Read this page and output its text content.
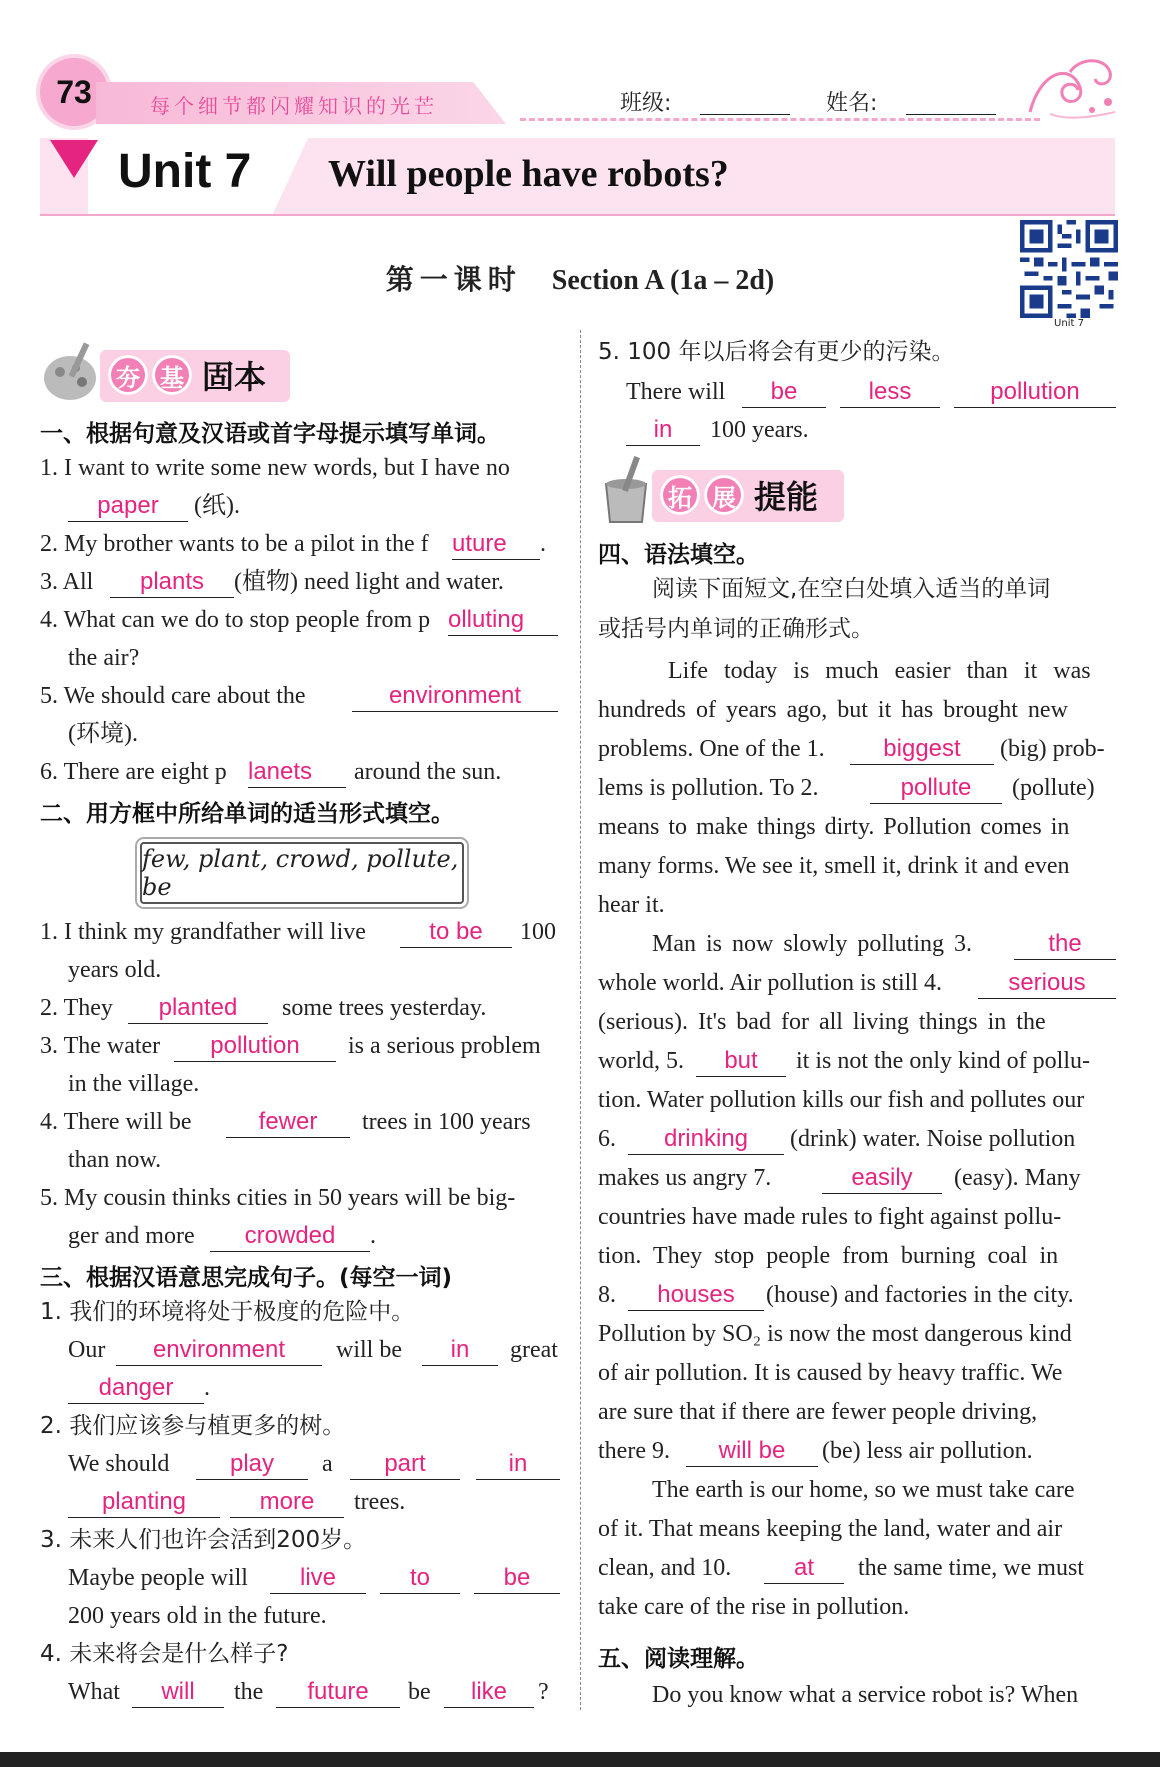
73	每个细节都闪耀知识的光芒	班级:	姓名:
Unit 7 Will people have robots?
第一课时 Section A (1a – 2d)
Unit 7
夯 基 固本
一、根据句意及汉语或首字母提示填写单词。
1. I want to write some new words, but I have no
paper	(纸).
2. My brother wants to be a pilot in the f uture	.
3. All	plants	(植物) need light and water.
4. What can we do to stop people from p olluting
the air?
5. We should care about the	environment
(环境).
6. There are eight p lanets	around the sun.
二、用方框中所给单词的适当形式填空。
few, plant, crowd, pollute, be
1. I think my grandfather will live	to be	100
years old.
2. They	planted	some trees yesterday.
3. The water	pollution	is a serious problem
in the village.
4. There will be	fewer	trees in 100 years
than now.
5. My cousin thinks cities in 50 years will be big-
ger and more	crowded	.
三、根据汉语意思完成句子。(每空一词)
1. 我们的环境将处于极度的危险中。
Our	environment	will be	in	great
danger	.
2. 我们应该参与植更多的树。
We should	play	a	part	in
planting	more	trees.
3. 未来人们也许会活到200岁。
Maybe people will	live	to	be
200 years old in the future.
4. 未来将会是什么样子?
What	will	the	future	be	like	?
5. 100 年以后将会有更少的污染。
There will	be	less	pollution
in	100 years.
拓 展 提能
四、语法填空。
阅读下面短文,在空白处填入适当的单词
或括号内单词的正确形式。
Life today is much easier than it was
hundreds of years ago, but it has brought new
problems. One of the 1.	biggest	(big) prob-
lems is pollution. To 2.	pollute	(pollute)
means to make things dirty. Pollution comes in
many forms. We see it, smell it, drink it and even
hear it.
Man is now slowly polluting 3.	the
whole world. Air pollution is still 4.	serious
(serious). It's bad for all living things in the
world, 5.	but	it is not the only kind of pollu-
tion. Water pollution kills our fish and pollutes our
6.	drinking	(drink) water. Noise pollution
makes us angry 7.	easily	(easy). Many
countries have made rules to fight against pollu-
tion. They stop people from burning coal in
8.	houses	(house) and factories in the city.
Pollution by SO₂ is now the most dangerous kind
of air pollution. It is caused by heavy traffic. We
are sure that if there are fewer people driving,
there 9.	will be	(be) less air pollution.
The earth is our home, so we must take care
of it. That means keeping the land, water and air
clean, and 10.	at	the same time, we must
take care of the rise in pollution.
五、阅读理解。
Do you know what a service robot is? When
